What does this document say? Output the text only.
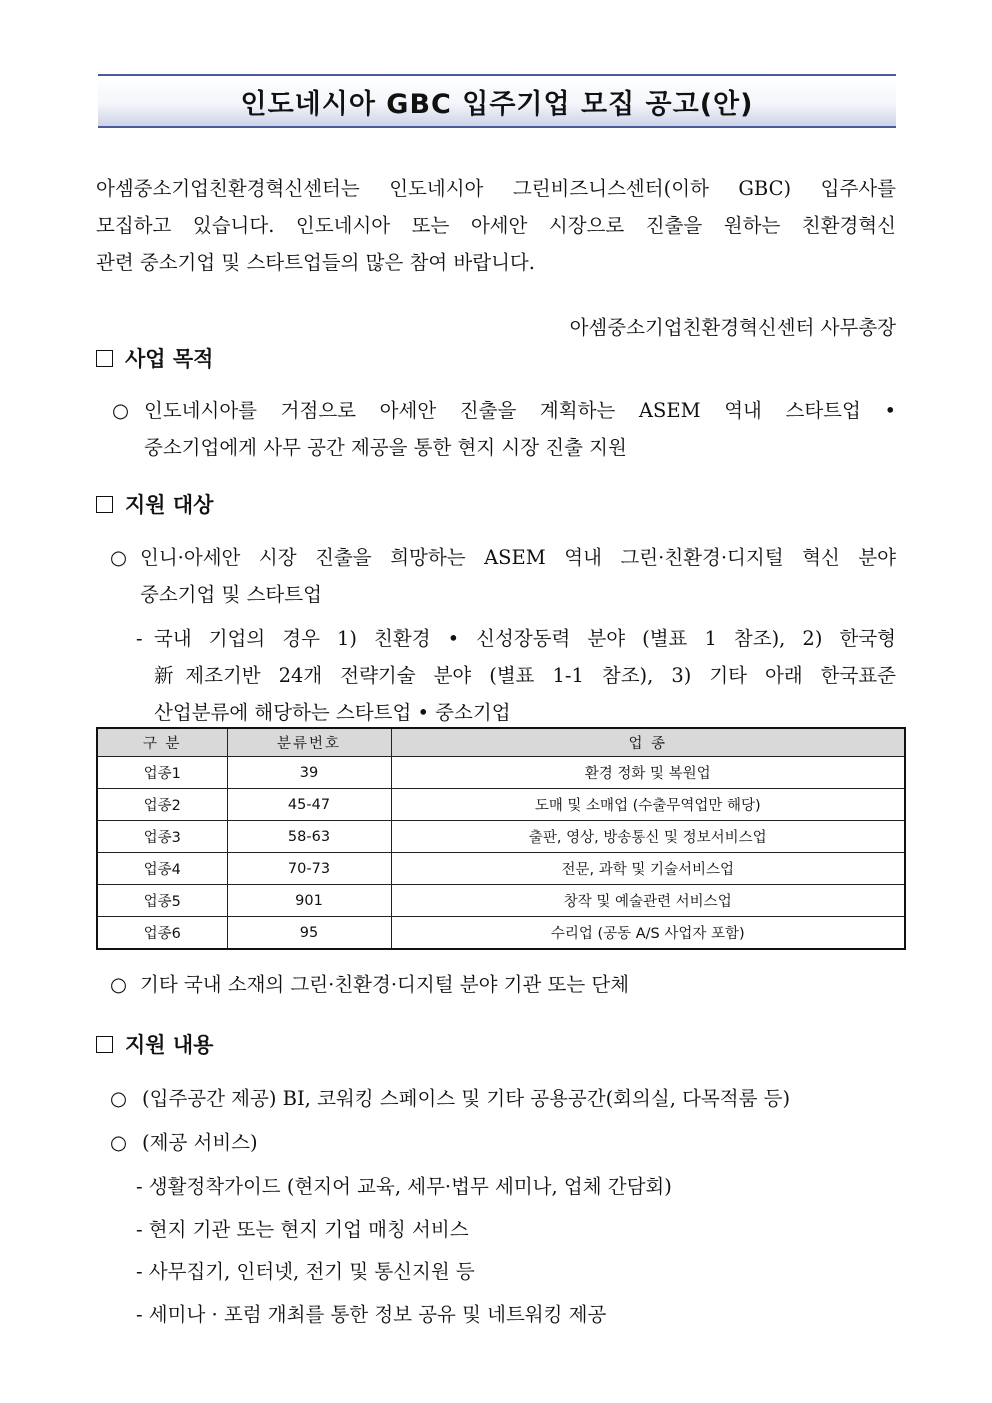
인도네시아 GBC 입주기업 모집 공고(안)
아셈중소기업친환경혁신센터는 인도네시아 그린비즈니스센터(이하 GBC) 입주사를
모집하고 있습니다. 인도네시아 또는 아세안 시장으로 진출을 원하는 친환경혁신
관련 중소기업 및 스타트업들의 많은 참여 바랍니다.
아셈중소기업친환경혁신센터 사무총장
사업 목적
○ 인도네시아를 거점으로 아세안 진출을 계획하는 ASEM 역내 스타트업 •
중소기업에게 사무 공간 제공을 통한 현지 시장 진출 지원
지원 대상
○ 인니·아세안 시장 진출을 희망하는 ASEM 역내 그린·친환경·디지털 혁신 분야
중소기업 및 스타트업
- 국내 기업의 경우 1) 친환경 • 신성장동력 분야 (별표 1 참조), 2) 한국형
新제조기반 24개 전략기술 분야 (별표 1-1 참조), 3) 기타 아래 한국표준
산업분류에 해당하는 스타트업 • 중소기업
구 분	분류번호	업 종
업종1	39	환경 정화 및 복원업
업종2	45-47	도매 및 소매업 (수출무역업만 해당)
업종3	58-63	출판, 영상, 방송통신 및 정보서비스업
업종4	70-73	전문, 과학 및 기술서비스업
업종5	901	창작 및 예술관련 서비스업
업종6	95	수리업 (공동 A/S 사업자 포함)
○ 기타 국내 소재의 그린·친환경·디지털 분야 기관 또는 단체
지원 내용
○ (입주공간 제공) BI, 코워킹 스페이스 및 기타 공용공간(회의실, 다목적룸 등)
○ (제공 서비스)
- 생활정착가이드 (현지어 교육, 세무·법무 세미나, 업체 간담회)
- 현지 기관 또는 현지 기업 매칭 서비스
- 사무집기, 인터넷, 전기 및 통신지원 등
- 세미나 · 포럼 개최를 통한 정보 공유 및 네트워킹 제공
